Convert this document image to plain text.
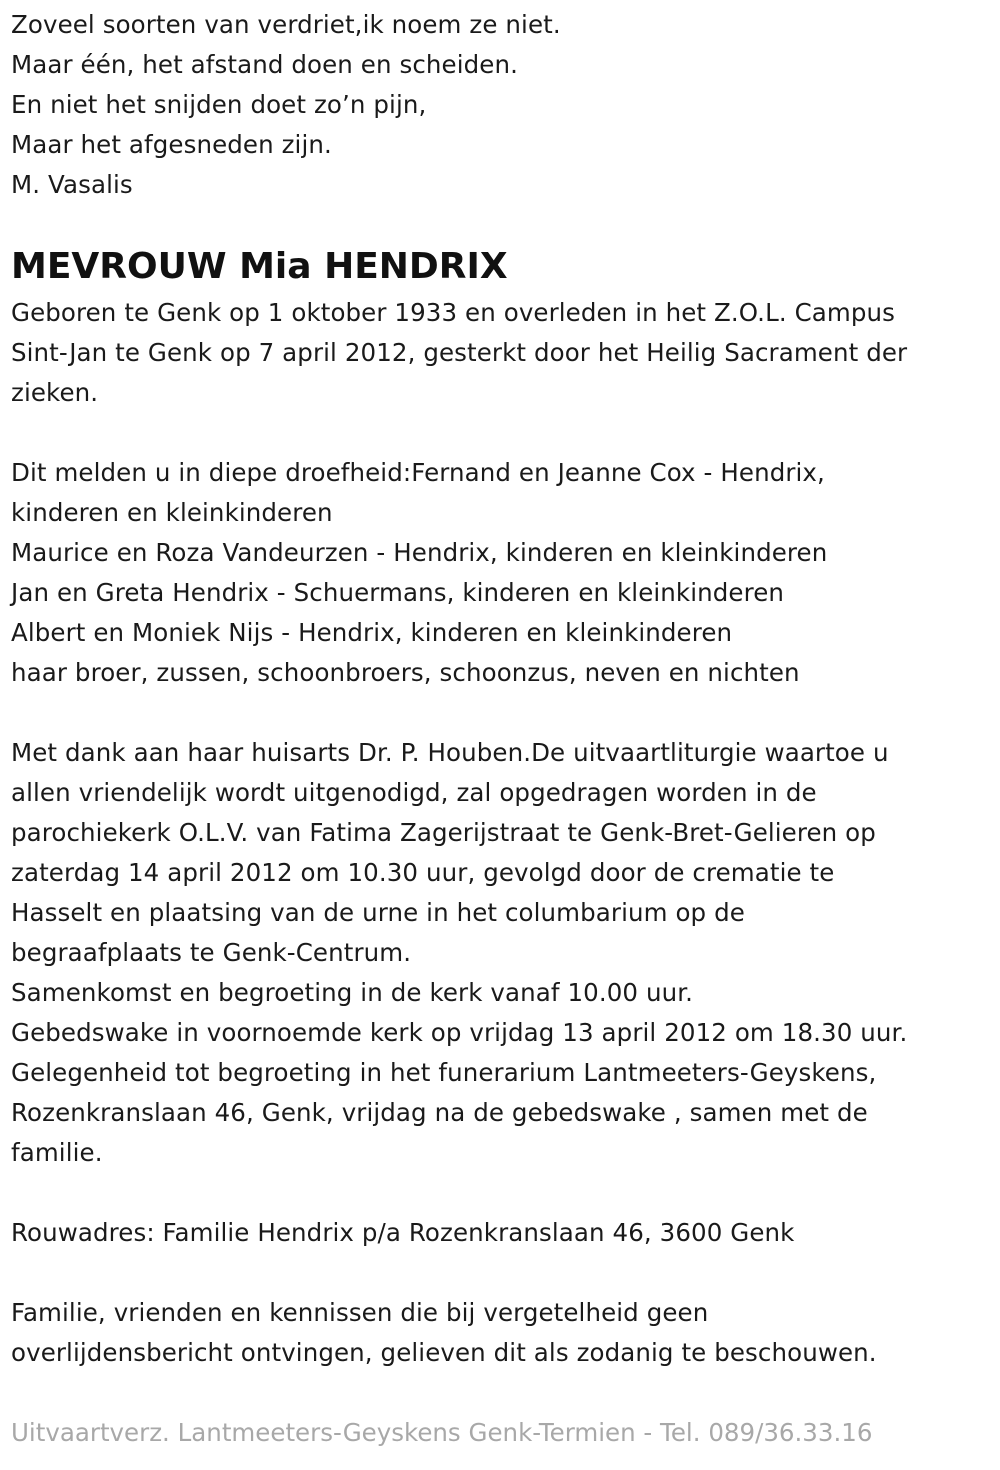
Zoveel soorten van verdriet,ik noem ze niet.
Maar één, het afstand doen en scheiden.
En niet het snijden doet zo’n pijn,
Maar het afgesneden zijn.
M. Vasalis
MEVROUW Mia HENDRIX
Geboren te Genk op 1 oktober 1933 en overleden in het Z.O.L. Campus
Sint-Jan te Genk op 7 april 2012, gesterkt door het Heilig Sacrament der
zieken.
Dit melden u in diepe droefheid:Fernand en Jeanne Cox - Hendrix,
kinderen en kleinkinderen
Maurice en Roza Vandeurzen - Hendrix, kinderen en kleinkinderen
Jan en Greta Hendrix - Schuermans, kinderen en kleinkinderen
Albert en Moniek Nijs - Hendrix, kinderen en kleinkinderen
haar broer, zussen, schoonbroers, schoonzus, neven en nichten
Met dank aan haar huisarts Dr. P. Houben.De uitvaartliturgie waartoe u
allen vriendelijk wordt uitgenodigd, zal opgedragen worden in de
parochiekerk O.L.V. van Fatima Zagerijstraat te Genk-Bret-Gelieren op
zaterdag 14 april 2012 om 10.30 uur, gevolgd door de crematie te
Hasselt en plaatsing van de urne in het columbarium op de
begraafplaats te Genk-Centrum.
Samenkomst en begroeting in de kerk vanaf 10.00 uur.
Gebedswake in voornoemde kerk op vrijdag 13 april 2012 om 18.30 uur.
Gelegenheid tot begroeting in het funerarium Lantmeeters-Geyskens,
Rozenkranslaan 46, Genk, vrijdag na de gebedswake , samen met de
familie.
Rouwadres: Familie Hendrix p/a Rozenkranslaan 46, 3600 Genk
Familie, vrienden en kennissen die bij vergetelheid geen
overlijdensbericht ontvingen, gelieven dit als zodanig te beschouwen.
Uitvaartverz. Lantmeeters-Geyskens Genk-Termien - Tel. 089/36.33.16
